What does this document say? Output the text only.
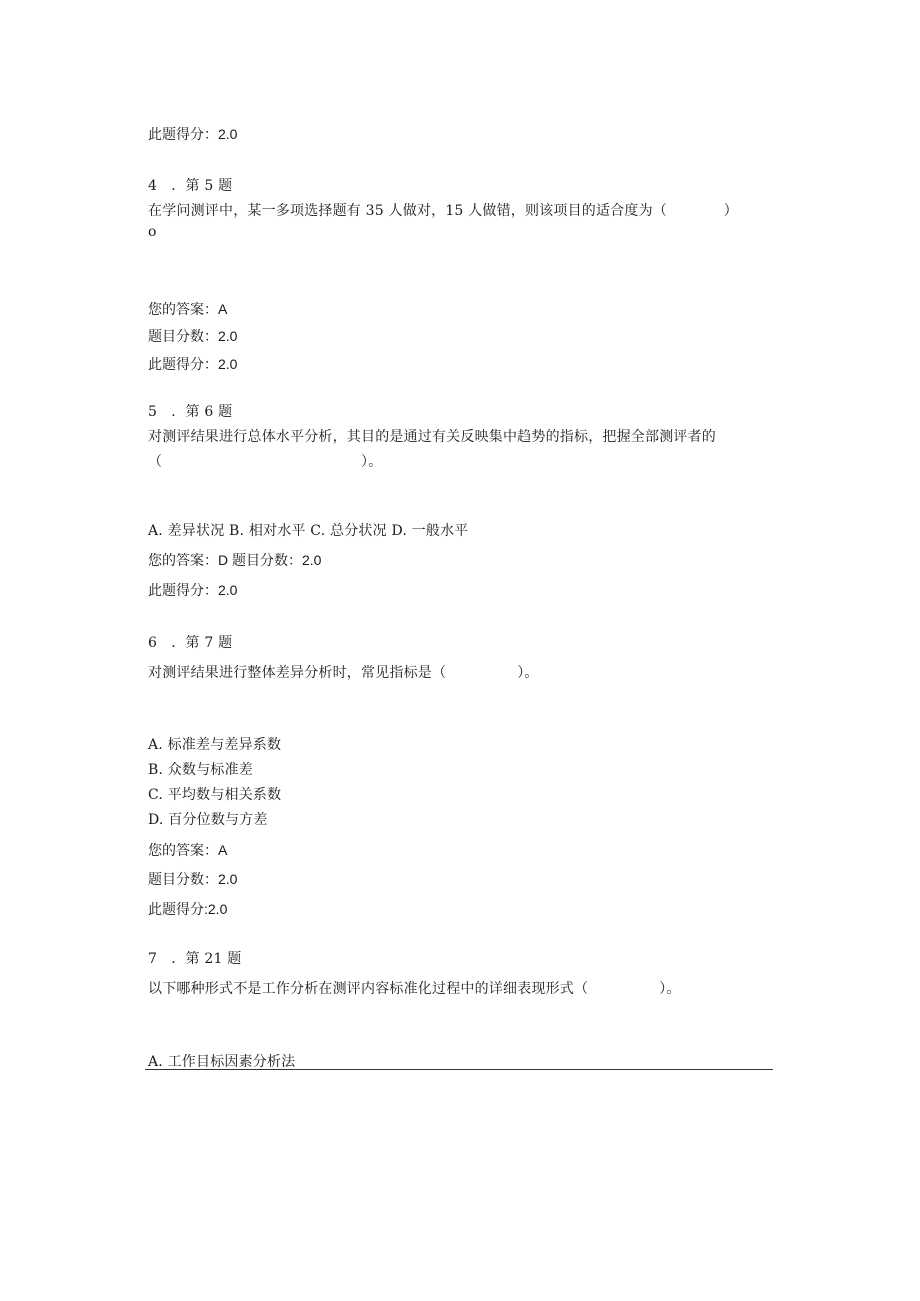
此题得分：2.0
4　．第 5 题
在学问测评中，某一多项选择题有 35 人做对，15 人做错，则该项目的适合度为（　　　　）
o
您的答案：A
题目分数：2.0
此题得分：2.0
5　．第 6 题
对测评结果进行总体水平分析，其目的是通过有关反映集中趋势的指标，把握全部测评者的
（　　　　　　　　　　　　　　）。
A. 差异状况 B. 相对水平 C. 总分状况 D. 一般水平
您的答案：D 题目分数：2.0
此题得分：2.0
6　．第 7 题
对测评结果进行整体差异分析时，常见指标是（　　　　　）。
A. 标准差与差异系数
B. 众数与标准差
C. 平均数与相关系数
D. 百分位数与方差
您的答案：A
题目分数：2.0
此题得分:2.0
7　．第 21 题
以下哪种形式不是工作分析在测评内容标准化过程中的详细表现形式（　　　　　）。
A. 工作目标因素分析法
